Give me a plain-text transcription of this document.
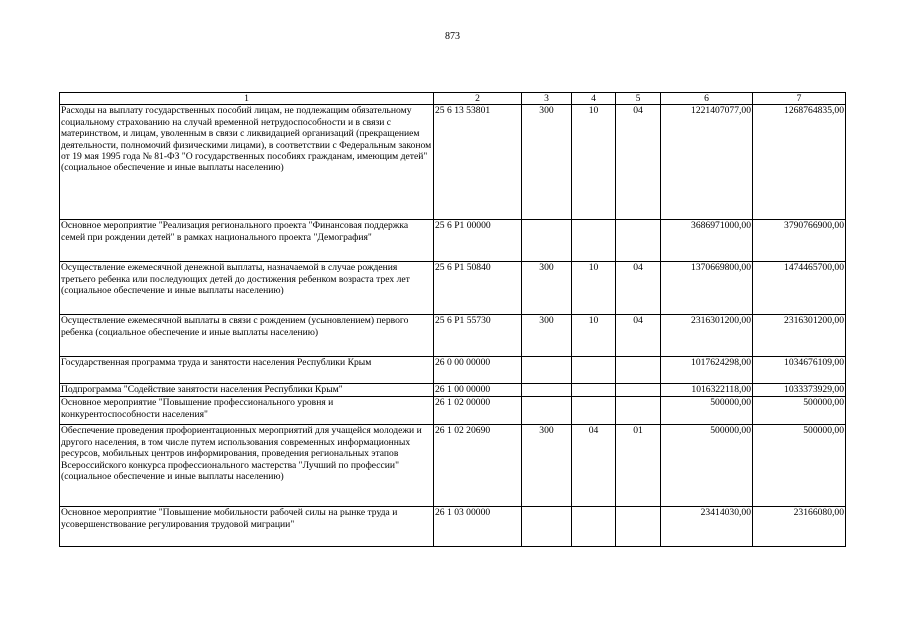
873
1	2	3	4	5	6	7
Расходы на выплату государственных пособий лицам, не подлежащим обязательному социальному страхованию на случай временной нетрудоспособности и в связи с материнством, и лицам, уволенным в связи с ликвидацией организаций (прекращением деятельности, полномочий физическими лицами), в соответствии с Федеральным законом от 19 мая 1995 года № 81-ФЗ "О государственных пособиях гражданам, имеющим детей" (социальное обеспечение и иные выплаты населению)	25 6 13 53801	300	10	04	1221407077,00	1268764835,00
Основное мероприятие "Реализация регионального проекта "Финансовая поддержка семей при рождении детей" в рамках национального проекта "Демография"	25 6 P1 00000				3686971000,00	3790766900,00
Осуществление ежемесячной денежной выплаты, назначаемой в случае рождения третьего ребенка или последующих детей до достижения ребенком возраста трех лет (социальное обеспечение и иные выплаты населению)	25 6 P1 50840	300	10	04	1370669800,00	1474465700,00
Осуществление ежемесячной выплаты в связи с рождением (усыновлением) первого ребенка (социальное обеспечение и иные выплаты населению)	25 6 P1 55730	300	10	04	2316301200,00	2316301200,00
Государственная программа труда и занятости населения Республики Крым	26 0 00 00000				1017624298,00	1034676109,00
Подпрограмма "Содействие занятости населения Республики Крым"	26 1 00 00000				1016322118,00	1033373929,00
Основное мероприятие "Повышение профессионального уровня и конкурентоспособности населения"	26 1 02 00000				500000,00	500000,00
Обеспечение проведения профориентационных мероприятий для учащейся молодежи и другого населения, в том числе путем использования современных информационных ресурсов, мобильных центров информирования, проведения региональных этапов Всероссийского конкурса профессионального мастерства "Лучший по профессии" (социальное обеспечение и иные выплаты населению)	26 1 02 20690	300	04	01	500000,00	500000,00
Основное мероприятие "Повышение мобильности рабочей силы на рынке труда и усовершенствование регулирования трудовой миграции"	26 1 03 00000				23414030,00	23166080,00
